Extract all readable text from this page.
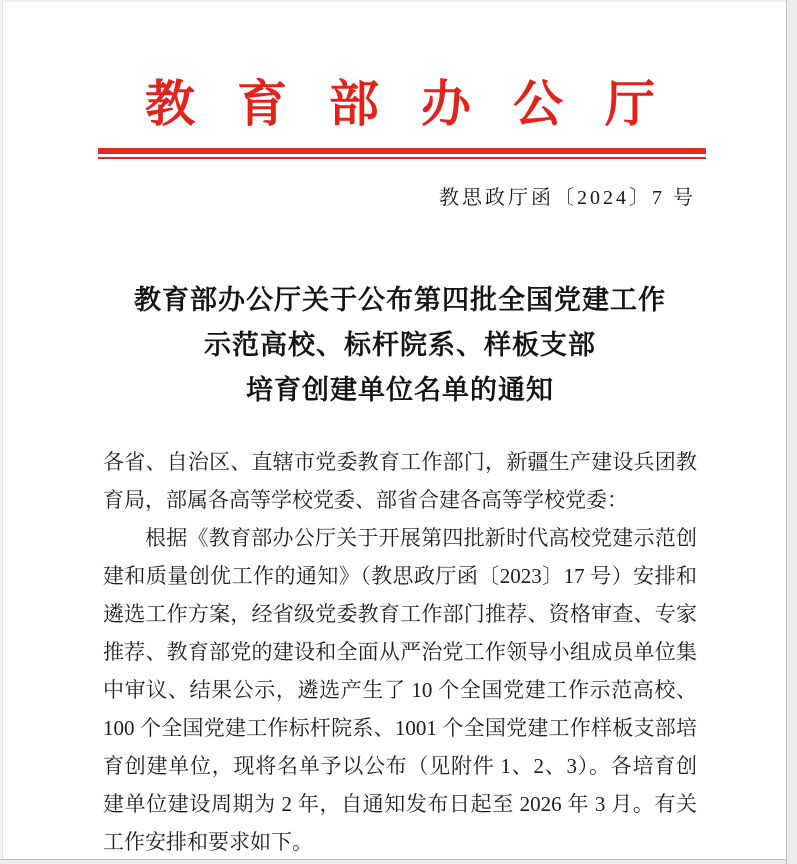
教育部办公厅
教思政厅函〔2024〕7 号
教育部办公厅关于公布第四批全国党建工作
示范高校、标杆院系、样板支部
培育创建单位名单的通知
各省、自治区、直辖市党委教育工作部门，新疆生产建设兵团教
育局，部属各高等学校党委、部省合建各高等学校党委：
根据《教育部办公厅关于开展第四批新时代高校党建示范创
建和质量创优工作的通知》（教思政厅函〔2023〕17 号）安排和
遴选工作方案，经省级党委教育工作部门推荐、资格审查、专家
推荐、教育部党的建设和全面从严治党工作领导小组成员单位集
中审议、结果公示，遴选产生了 10 个全国党建工作示范高校、
100 个全国党建工作标杆院系、1001 个全国党建工作样板支部培
育创建单位，现将名单予以公布（见附件 1、2、3）。各培育创
建单位建设周期为 2 年，自通知发布日起至 2026 年 3 月。有关
工作安排和要求如下。
